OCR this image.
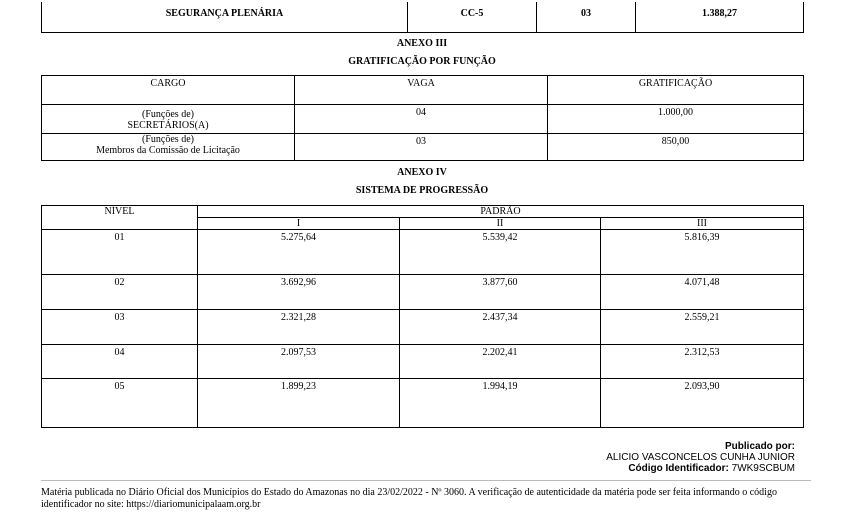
SEGURANÇA PLENÁRIA	CC-5	03	1.388,27
ANEXO III
GRATIFICAÇÃO POR FUNÇÃO
CARGO	VAGA	GRATIFICAÇÃO

(Funções de)
SECRETÁRIOS(A)	04	1.000,00

(Funções de)
Membros da Comissão de Licitação	03	850,00
ANEXO IV
SISTEMA DE PROGRESSÃO
NÍVEL	PADRÃO		
	I	II	III
01	5.275,64	5.539,42	5.816,39
02	3.692,96	3.877,60	4.071,48
03	2.321,28	2.437,34	2.559,21
04	2.097,53	2.202,41	2.312,53
05	1.899,23	1.994,19	2.093,90
Publicado por:
ALICIO VASCONCELOS CUNHA JUNIOR
Código Identificador: 7WK9SCBUM
Matéria publicada no Diário Oficial dos Municípios do Estado do Amazonas no dia 23/02/2022 - Nº 3060. A verificação de autenticidade da matéria pode ser feita informando o código identificador no site: https://diariomunicipalaam.org.br
